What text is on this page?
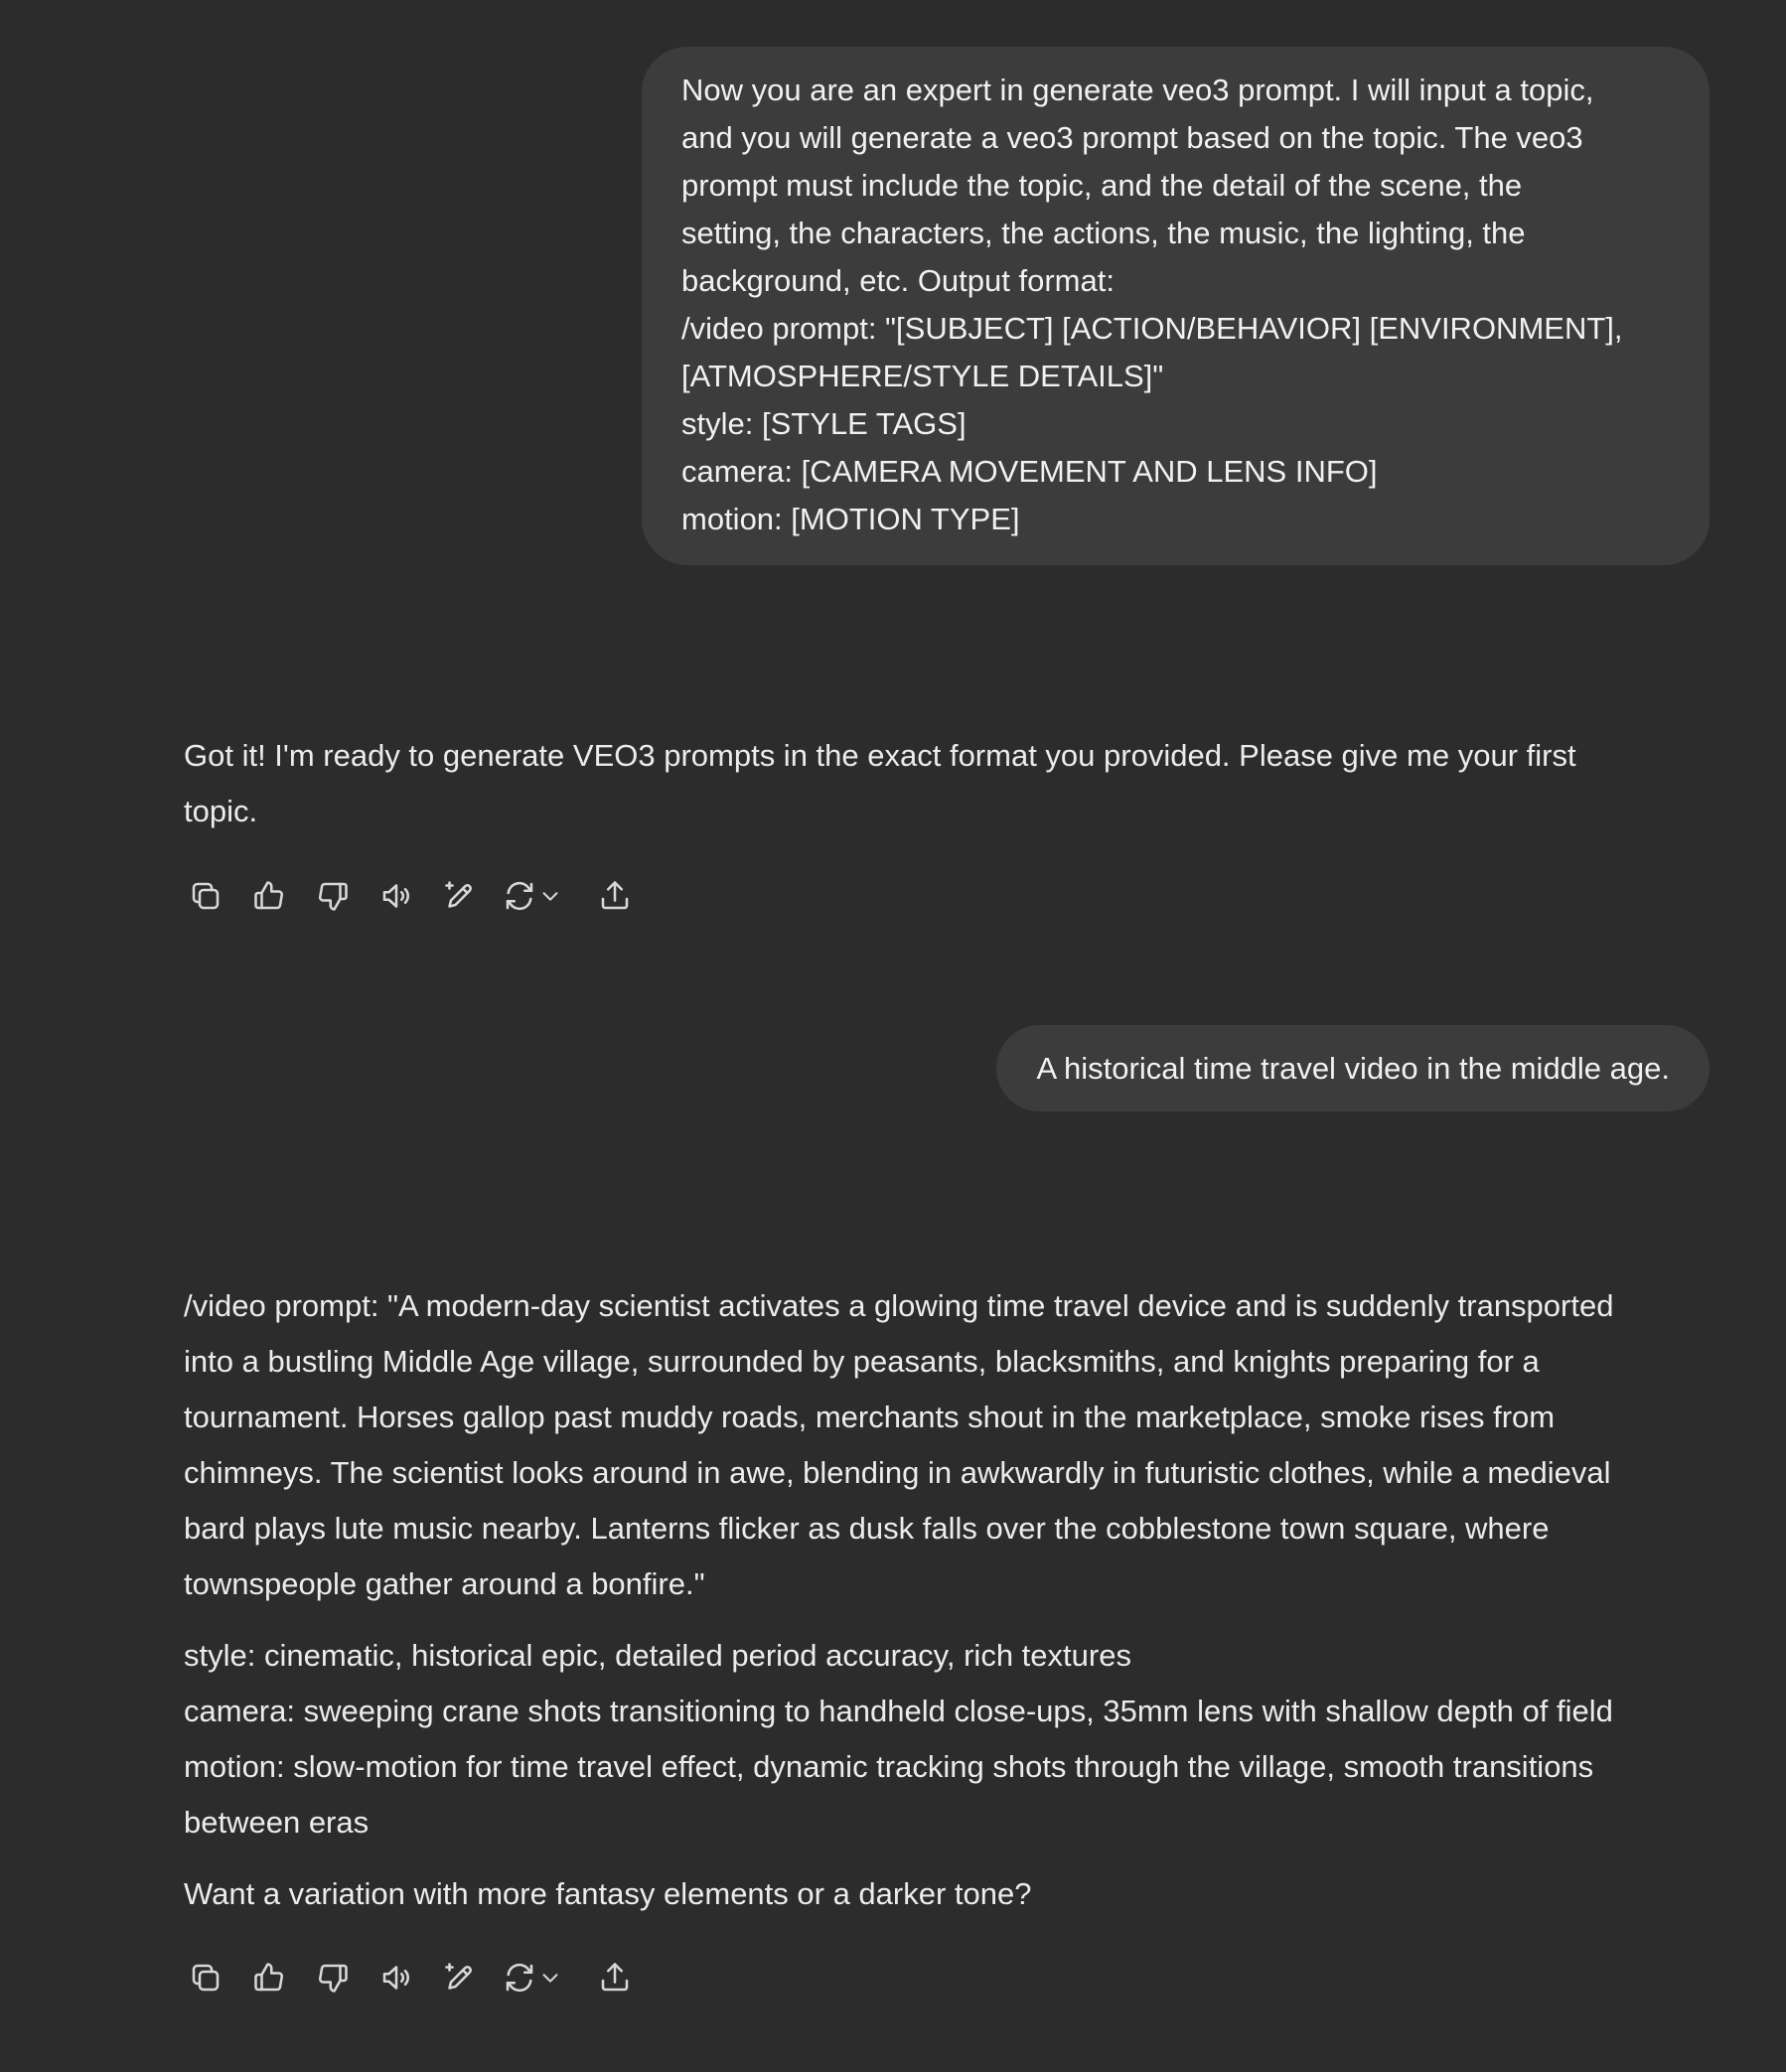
Now you are an expert in generate veo3 prompt. I will input a topic,
and you will generate a veo3 prompt based on the topic. The veo3
prompt must include the topic, and the detail of the scene, the
setting, the characters, the actions, the music, the lighting, the
background, etc. Output format:
/video prompt: "[SUBJECT] [ACTION/BEHAVIOR] [ENVIRONMENT],
[ATMOSPHERE/STYLE DETAILS]"
style: [STYLE TAGS]
camera: [CAMERA MOVEMENT AND LENS INFO]
motion: [MOTION TYPE]

Got it! I'm ready to generate VEO3 prompts in the exact format you provided. Please give me your first
topic.

A historical time travel video in the middle age.

/video prompt: "A modern-day scientist activates a glowing time travel device and is suddenly transported
into a bustling Middle Age village, surrounded by peasants, blacksmiths, and knights preparing for a
tournament. Horses gallop past muddy roads, merchants shout in the marketplace, smoke rises from
chimneys. The scientist looks around in awe, blending in awkwardly in futuristic clothes, while a medieval
bard plays lute music nearby. Lanterns flicker as dusk falls over the cobblestone town square, where
townspeople gather around a bonfire."

style: cinematic, historical epic, detailed period accuracy, rich textures
camera: sweeping crane shots transitioning to handheld close-ups, 35mm lens with shallow depth of field
motion: slow-motion for time travel effect, dynamic tracking shots through the village, smooth transitions
between eras

Want a variation with more fantasy elements or a darker tone?
